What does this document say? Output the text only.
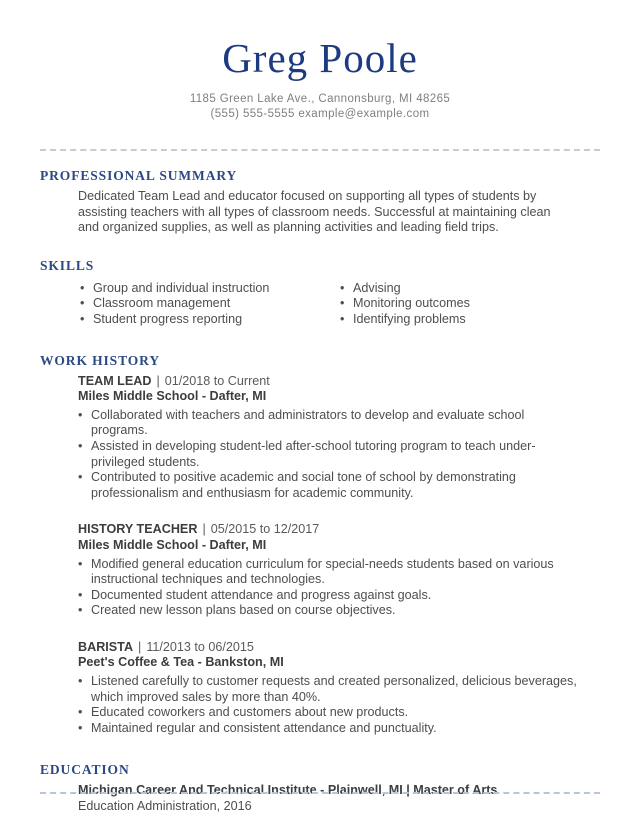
Greg Poole
1185 Green Lake Ave., Cannonsburg, MI 48265
(555) 555-5555 example@example.com
PROFESSIONAL SUMMARY
Dedicated Team Lead and educator focused on supporting all types of students by assisting teachers with all types of classroom needs. Successful at maintaining clean and organized supplies, as well as planning activities and leading field trips.
SKILLS
Group and individual instruction
Classroom management
Student progress reporting
Advising
Monitoring outcomes
Identifying problems
WORK HISTORY
TEAM LEAD | 01/2018 to Current
Miles Middle School - Dafter, MI
Collaborated with teachers and administrators to develop and evaluate school programs.
Assisted in developing student-led after-school tutoring program to teach under-privileged students.
Contributed to positive academic and social tone of school by demonstrating professionalism and enthusiasm for academic community.
HISTORY TEACHER | 05/2015 to 12/2017
Miles Middle School - Dafter, MI
Modified general education curriculum for special-needs students based on various instructional techniques and technologies.
Documented student attendance and progress against goals.
Created new lesson plans based on course objectives.
BARISTA | 11/2013 to 06/2015
Peet's Coffee & Tea - Bankston, MI
Listened carefully to customer requests and created personalized, delicious beverages, which improved sales by more than 40%.
Educated coworkers and customers about new products.
Maintained regular and consistent attendance and punctuality.
EDUCATION
Michigan Career And Technical Institute - Plainwell, MI | Master of Arts
Education Administration, 2016
